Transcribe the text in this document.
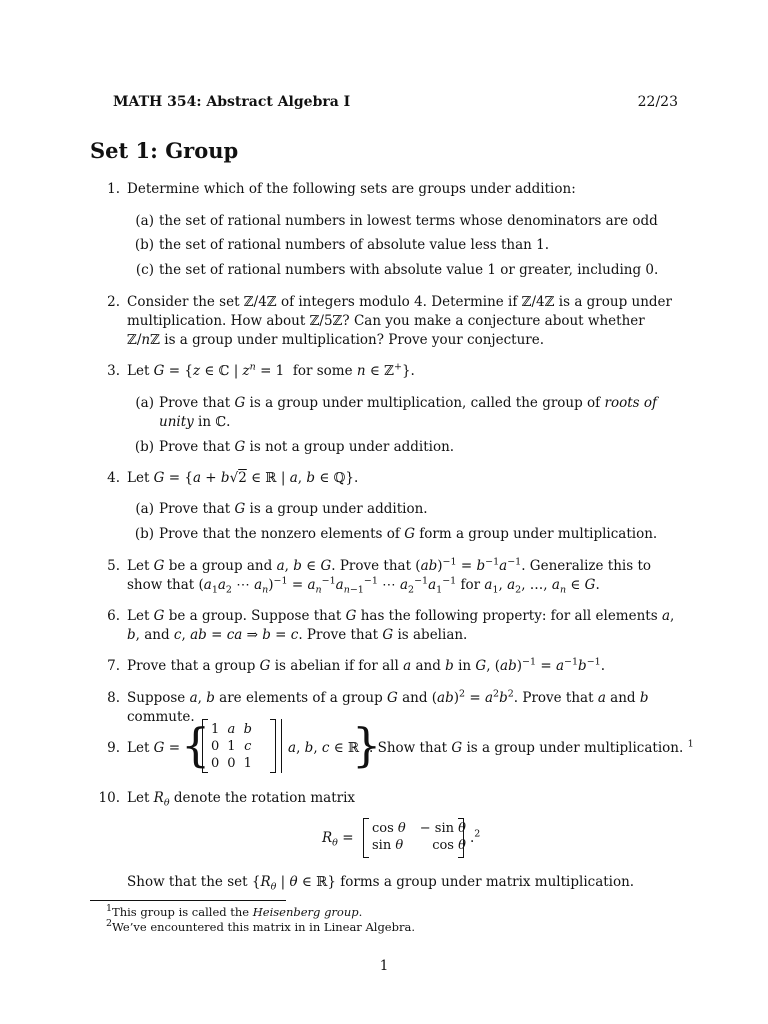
MATH 354: Abstract Algebra I	22/23
Set 1: Group
1. Determine which of the following sets are groups under addition:
(a) the set of rational numbers in lowest terms whose denominators are odd
(b) the set of rational numbers of absolute value less than 1.
(c) the set of rational numbers with absolute value 1 or greater, including 0.
2. Consider the set ℤ/4ℤ of integers modulo 4. Determine if ℤ/4ℤ is a group under multiplication. How about ℤ/5ℤ? Can you make a conjecture about whether ℤ/nℤ is a group under multiplication? Prove your conjecture.
3. Let G = {z ∈ ℂ | $z^n = 1$  for some n ∈ ℤ+}.
(a) Prove that G is a group under multiplication, called the group of roots of unity in ℂ.
(b) Prove that G is not a group under addition.
4. Let G = {a + b√2 ∈ ℝ | a, b ∈ ℚ}.
(a) Prove that G is a group under addition.
(b) Prove that the nonzero elements of G form a group under multiplication.
5. Let G be a group and a, b ∈ G. Prove that $(ab)^{-1} = b^{-1}a^{-1}$. Generalize this to show that ($a_1a_2$ ⋯ $a_n)^{-1} = a_n^{-1}a_{n-1}^{-1}$ ⋯ $a_2^{-1}a_1^{-1}$ for $a_1$, $a_2$, …, $a_n$ ∈ G.
6. Let G be a group. Suppose that G has the following property: for all elements a, b, and c, ab = ca ⇒ b = c. Prove that G is abelian.
7. Prove that a group G is abelian if for all a and b in G, $(ab)^{-1} = a^{-1}b^{-1}$.
8. Suppose a, b are elements of a group G and $(ab)^2 = a^2b^2$. Prove that a and b commute.
9. Let G = { 1	a	b
0	1	c
0	0	1
a, b, c ∈ ℝ
}
. Show that G is a group under multiplication. $^1$
10. Let $R_\theta$ denote the rotation matrix
$R_\theta$ =
cos θ	− sin θ
sin θ	cos θ .$^2$
Show that the set {$R_\theta$ | θ ∈ ℝ} forms a group under matrix multiplication.
$^1$This group is called the Heisenberg group.
$^2$We’ve encountered this matrix in in Linear Algebra.
1
